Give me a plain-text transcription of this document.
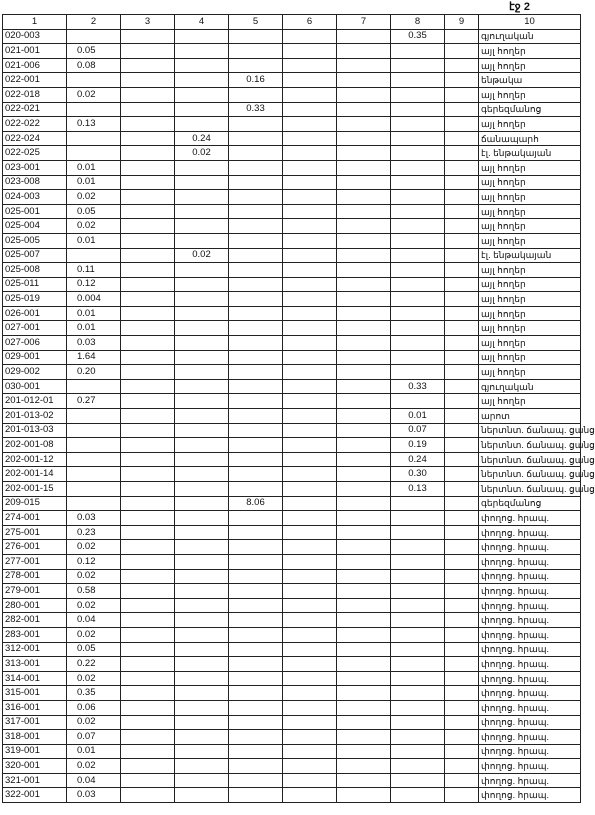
էջ 2
1	2	3	4	5	6	7	8	9	10
020-003							0.35		գյուղական
021-001	0.05								այլ հողեր
021-006	0.08								այլ հողեր
022-001				0.16					ենթակա
022-018	0.02								այլ հողեր
022-021				0.33					գերեզմանոց
022-022	0.13								այլ հողեր
022-024			0.24						ճանապարհ
022-025			0.02						էլ. ենթակայան
023-001	0.01								այլ հողեր
023-008	0.01								այլ հողեր
024-003	0.02								այլ հողեր
025-001	0.05								այլ հողեր
025-004	0.02								այլ հողեր
025-005	0.01								այլ հողեր
025-007			0.02						էլ. ենթակայան
025-008	0.11								այլ հողեր
025-011	0.12								այլ հողեր
025-019	0.004								այլ հողեր
026-001	0.01								այլ հողեր
027-001	0.01								այլ հողեր
027-006	0.03								այլ հողեր
029-001	1.64								այլ հողեր
029-002	0.20								այլ հողեր
030-001							0.33		գյուղական
201-012-01	0.27								այլ հողեր
201-013-02							0.01		արոտ
201-013-03							0.07		ներտնտ. ճանապ. ցանց
202-001-08							0.19		ներտնտ. ճանապ. ցանց
202-001-12							0.24		ներտնտ. ճանապ. ցանց
202-001-14							0.30		ներտնտ. ճանապ. ցանց
202-001-15							0.13		ներտնտ. ճանապ. ցանց
209-015				8.06					գերեզմանոց
274-001	0.03								փողոց. հրապ.
275-001	0.23								փողոց. հրապ.
276-001	0.02								փողոց. հրապ.
277-001	0.12								փողոց. հրապ.
278-001	0.02								փողոց. հրապ.
279-001	0.58								փողոց. հրապ.
280-001	0.02								փողոց. հրապ.
282-001	0.04								փողոց. հրապ.
283-001	0.02								փողոց. հրապ.
312-001	0.05								փողոց. հրապ.
313-001	0.22								փողոց. հրապ.
314-001	0.02								փողոց. հրապ.
315-001	0.35								փողոց. հրապ.
316-001	0.06								փողոց. հրապ.
317-001	0.02								փողոց. հրապ.
318-001	0.07								փողոց. հրապ.
319-001	0.01								փողոց. հրապ.
320-001	0.02								փողոց. հրապ.
321-001	0.04								փողոց. հրապ.
322-001	0.03								փողոց. հրապ.
